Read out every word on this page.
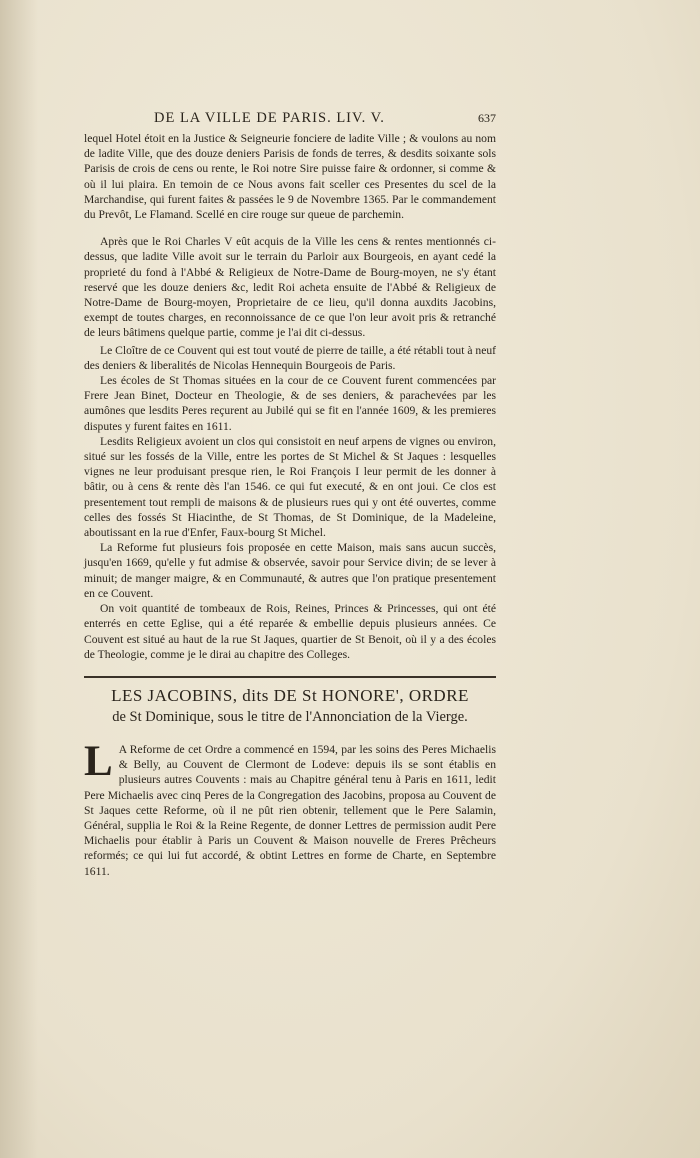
DE LA VILLE DE PARIS. LIV. V.	637

lequel Hotel étoit en la Justice & Seigneurie fonciere de ladite Ville ; & voulons au nom de ladite Ville, que des douze deniers Parisis de fonds de terres, & desdits soixante sols Parisis de crois de cens ou rente, le Roi notre Sire puisse faire & ordonner, si comme & où il lui plaira. En temoin de ce Nous avons fait sceller ces Presentes du scel de la Marchandise, qui furent faites & passées le 9 de Novembre 1365. Par le commandement du Prevôt, Le Flamand. Scellé en cire rouge sur queue de parchemin.

Après que le Roi Charles V eût acquis de la Ville les cens & rentes mentionnés ci-dessus, que ladite Ville avoit sur le terrain du Parloir aux Bourgeois, en ayant cedé la proprieté du fond à l'Abbé & Religieux de Notre-Dame de Bourg-moyen, ne s'y étant reservé que les douze deniers &c, ledit Roi acheta ensuite de l'Abbé & Religieux de Notre-Dame de Bourg-moyen, Proprietaire de ce lieu, qu'il donna auxdits Jacobins, exempt de toutes charges, en reconnoissance de ce que l'on leur avoit pris & retranché de leurs bâtimens quelque partie, comme je l'ai dit ci-dessus.

Le Cloître de ce Couvent qui est tout vouté de pierre de taille, a été rétabli tout à neuf des deniers & liberalités de Nicolas Hennequin Bourgeois de Paris.

Les écoles de St Thomas situées en la cour de ce Couvent furent commencées par Frere Jean Binet, Docteur en Theologie, & de ses deniers, & parachevées par les aumônes que lesdits Peres reçurent au Jubilé qui se fit en l'année 1609, & les premieres disputes y furent faites en 1611.

Lesdits Religieux avoient un clos qui consistoit en neuf arpens de vignes ou environ, situé sur les fossés de la Ville, entre les portes de St Michel & St Jaques : lesquelles vignes ne leur produisant presque rien, le Roi François I leur permit de les donner à bâtir, ou à cens & rente dès l'an 1546. ce qui fut executé, & en ont joui. Ce clos est presentement tout rempli de maisons & de plusieurs rues qui y ont été ouvertes, comme celles des fossés St Hiacinthe, de St Thomas, de St Dominique, de la Madeleine, aboutissant en la rue d'Enfer, Faux-bourg St Michel.

La Reforme fut plusieurs fois proposée en cette Maison, mais sans aucun succès, jusqu'en 1669, qu'elle y fut admise & observée, savoir pour Service divin; de se lever à minuit; de manger maigre, & en Communauté, & autres que l'on pratique presentement en ce Couvent.

On voit quantité de tombeaux de Rois, Reines, Princes & Princesses, qui ont été enterrés en cette Eglise, qui a été reparée & embellie depuis plusieurs années. Ce Couvent est situé au haut de la rue St Jaques, quartier de St Benoit, où il y a des écoles de Theologie, comme je le dirai au chapitre des Colleges.

LES JACOBINS, dits DE St HONORE', ORDRE
de St Dominique, sous le titre de l'Annonciation de la Vierge.
L A Reforme de cet Ordre a commencé en 1594, par les soins des Peres Michaelis & Belly, au Couvent de Clermont de Lodeve: depuis ils se sont établis en plusieurs autres Couvents : mais au Chapitre général tenu à Paris en 1611, ledit Pere Michaelis avec cinq Peres de la Congregation des Jacobins, proposa au Couvent de St Jaques cette Reforme, où il ne pût rien obtenir, tellement que le Pere Salamin, Général, supplia le Roi & la Reine Regente, de donner Lettres de permission audit Pere Michaelis pour établir à Paris un Couvent & Maison nouvelle de Freres Prêcheurs reformés; ce qui lui fut accordé, & obtint Lettres en forme de Charte, en Septembre 1611.
